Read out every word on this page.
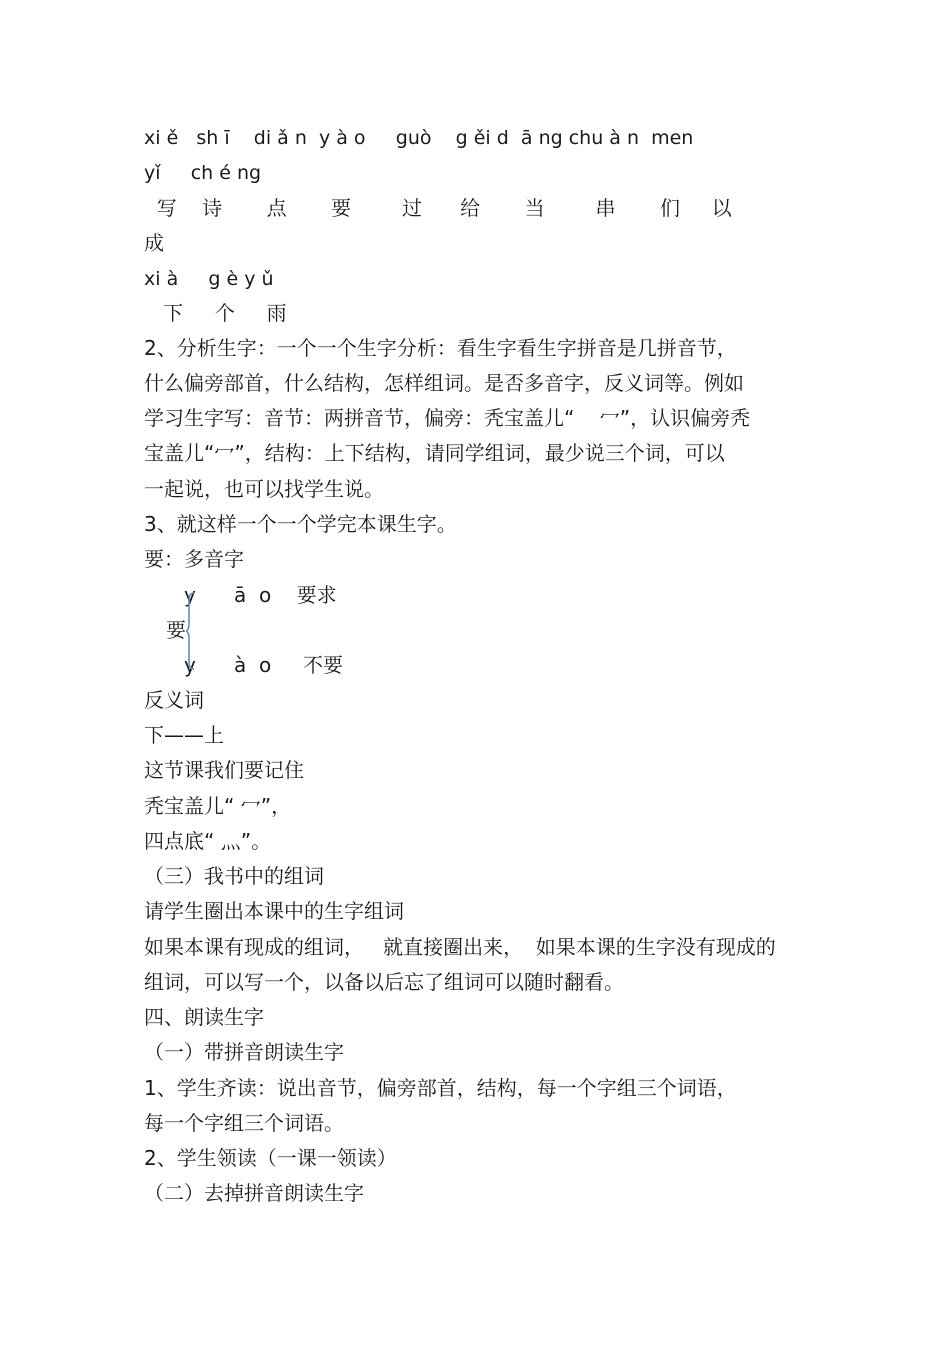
xi ě   sh ī    di ǎ n  y à o     guò    g ěi d  ā ng chu à n  men
yǐ     ch é ng
写    诗       点       要        过      给       当        串       们     以
成
xi à     g è y ǔ
下     个     雨
2、分析生字：一个一个生字分析：看生字看生字拼音是几拼音节，
什么偏旁部首，什么结构，怎样组词。是否多音字，反义词等。例如
学习生字写：音节：两拼音节，偏旁：秃宝盖儿“    冖”，认识偏旁秃
宝盖儿“冖”，结构：上下结构，请同学组词，最少说三个词，可以
一起说，也可以找学生说。
3、就这样一个一个学完本课生字。
要：多音字
y      ā  o    要求
要
y      à  o     不要
反义词
下——上
这节课我们要记住
秃宝盖儿“ 冖”，
四点底“ 灬”。
（三）我书中的组词
请学生圈出本课中的生字组词
如果本课有现成的组词，   就直接圈出来，  如果本课的生字没有现成的
组词，可以写一个，以备以后忘了组词可以随时翻看。
四、朗读生字
（一）带拼音朗读生字
1、学生齐读：说出音节，偏旁部首，结构，每一个字组三个词语，
每一个字组三个词语。
2、学生领读（一课一领读）
（二）去掉拼音朗读生字
